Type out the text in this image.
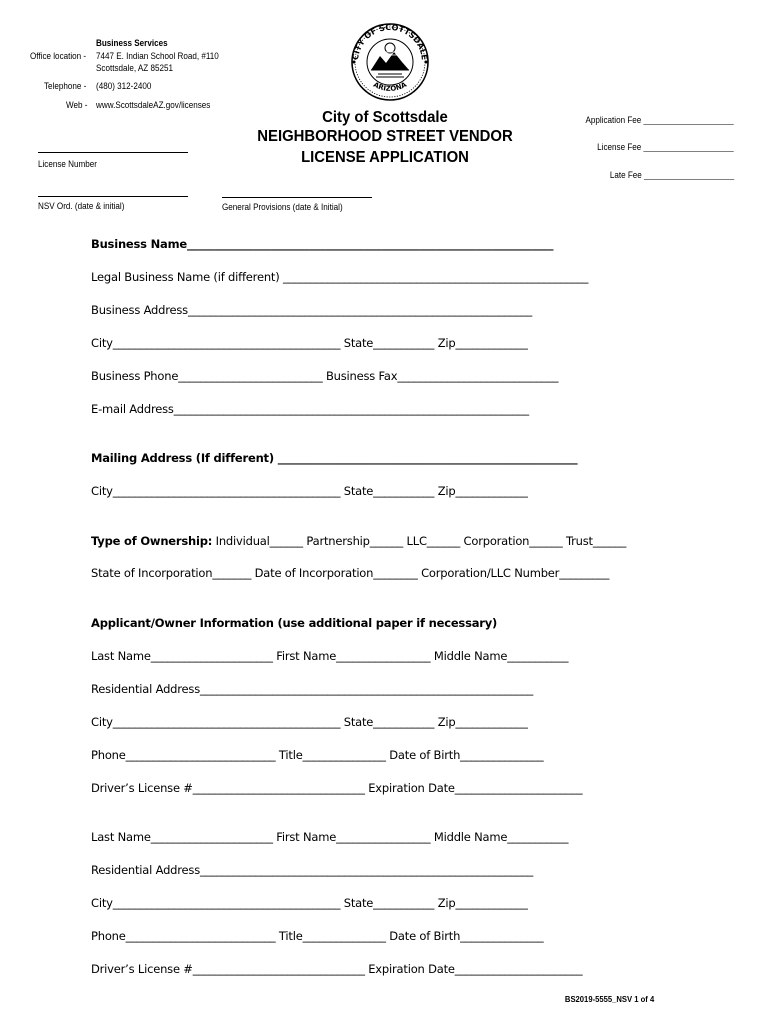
Business Services
Office location - 7447 E. Indian School Road, #110
Scottsdale, AZ 85251
Telephone - (480) 312-2400
Web - www.ScottsdaleAZ.gov/licenses
CITY OF SCOTTSDALE
ARIZONA
City of Scottsdale
NEIGHBORHOOD STREET VENDOR
LICENSE APPLICATION
License Number
NSV Ord. (date & initial)	General Provisions (date & Initial)
Application Fee ____________________
License Fee ____________________
Late Fee ____________________
Business Name__________________________________________________________________
Legal Business Name (if different) _______________________________________________________
Business Address______________________________________________________________
City_________________________________________ State___________ Zip_____________
Business Phone__________________________ Business Fax_____________________________
E-mail Address________________________________________________________________
Mailing Address (If different) ______________________________________________________
City_________________________________________ State___________ Zip_____________
Type of Ownership: Individual______ Partnership______ LLC______ Corporation______ Trust______
State of Incorporation_______ Date of Incorporation________ Corporation/LLC Number_________
Applicant/Owner Information (use additional paper if necessary)
Last Name______________________ First Name_________________ Middle Name___________
Residential Address____________________________________________________________
City_________________________________________ State___________ Zip_____________
Phone___________________________ Title_______________ Date of Birth_______________
Driver’s License #_______________________________ Expiration Date_______________________
Last Name______________________ First Name_________________ Middle Name___________
Residential Address____________________________________________________________
City_________________________________________ State___________ Zip_____________
Phone___________________________ Title_______________ Date of Birth_______________
Driver’s License #_______________________________ Expiration Date_______________________
BS2019-5555_NSV 1 of 4
